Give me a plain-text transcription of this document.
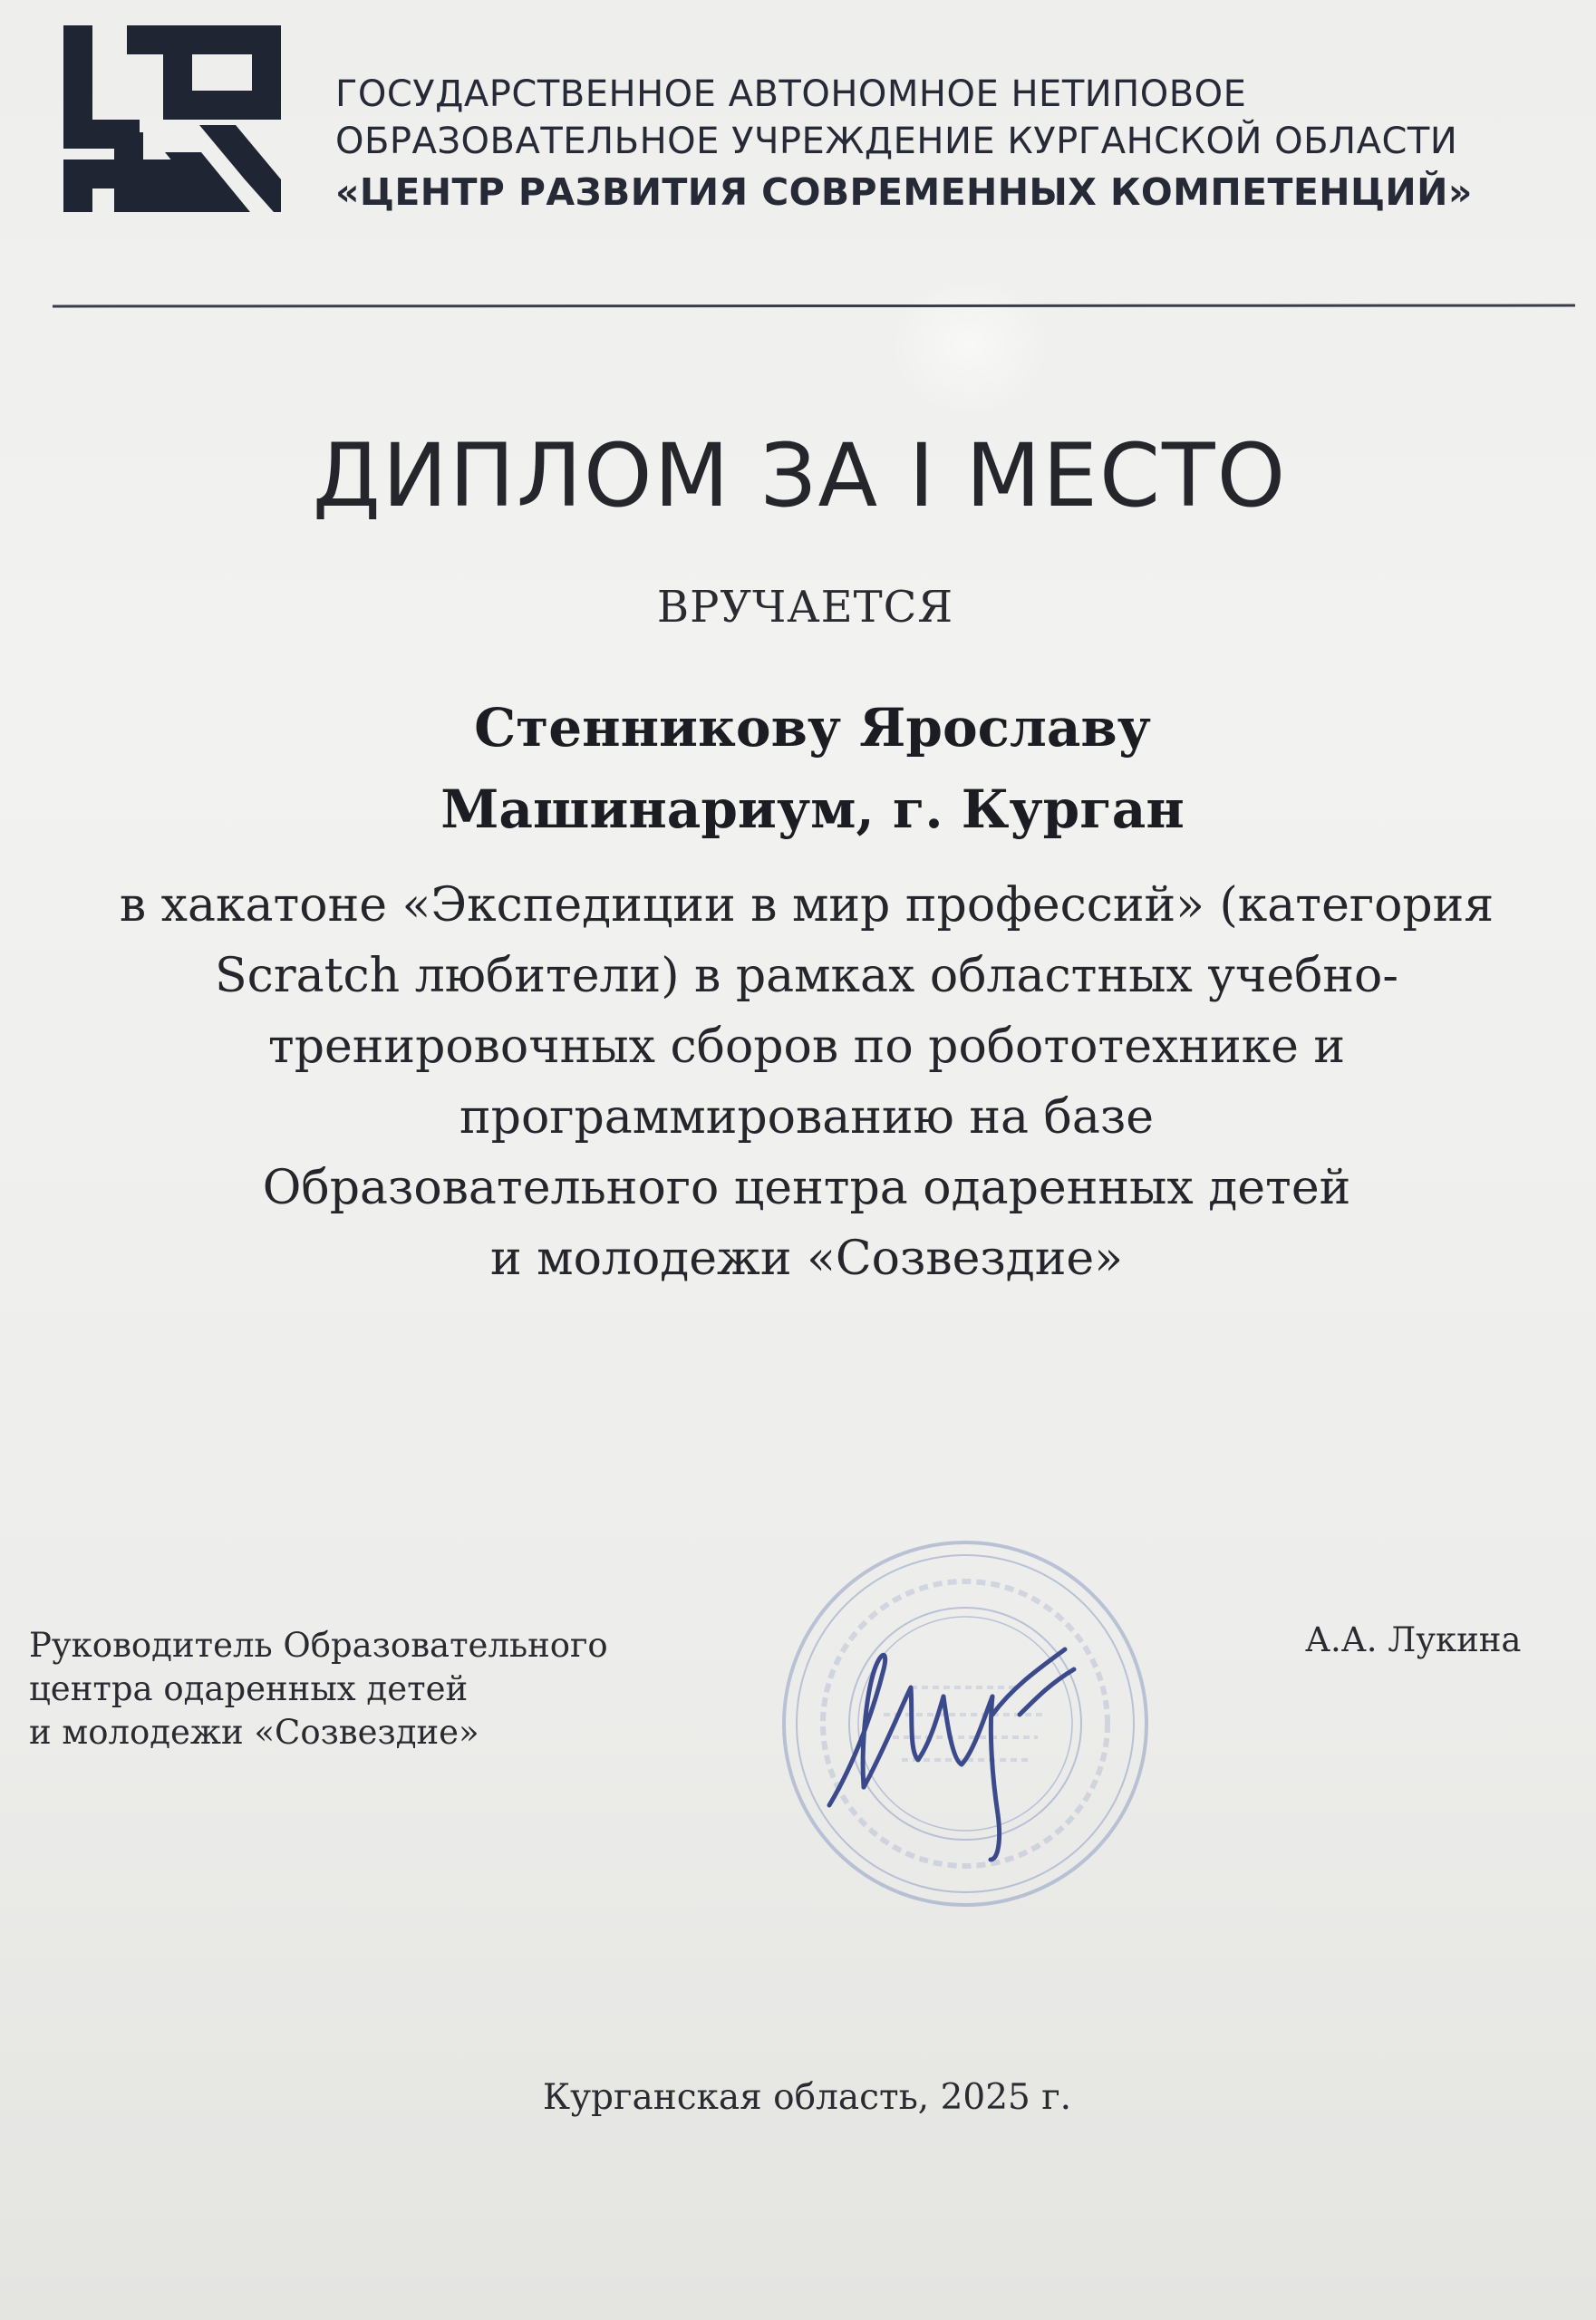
ГОСУДАРСТВЕННОЕ АВТОНОМНОЕ НЕТИПОВОЕ
ОБРАЗОВАТЕЛЬНОЕ УЧРЕЖДЕНИЕ КУРГАНСКОЙ ОБЛАСТИ
«ЦЕНТР РАЗВИТИЯ СОВРЕМЕННЫХ КОМПЕТЕНЦИЙ»
ДИПЛОМ ЗА I МЕСТО
ВРУЧАЕТСЯ
Стенникову Ярославу
Машинариум, г. Курган
в хакатоне «Экспедиции в мир профессий» (категория
Scratch любители) в рамках областных учебно-
тренировочных сборов по робототехнике и
программированию на базе
Образовательного центра одаренных детей
и молодежи «Созвездие»
Руководитель Образовательного
центра одаренных детей
и молодежи «Созвездие»
А.А. Лукина
Курганская область, 2025 г.
